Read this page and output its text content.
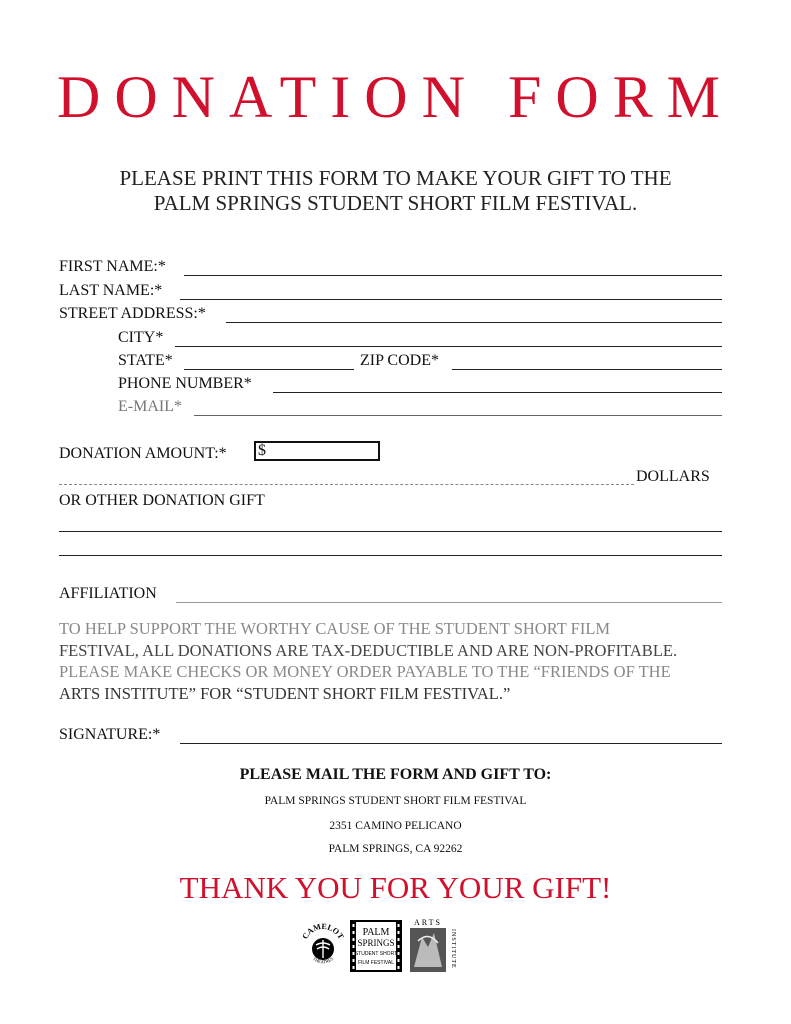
DONATION FORM
PLEASE PRINT THIS FORM TO MAKE YOUR GIFT TO THE
PALM SPRINGS STUDENT SHORT FILM FESTIVAL.
FIRST NAME:*
LAST NAME:*
STREET ADDRESS:*
CITY*
STATE*	ZIP CODE*
PHONE NUMBER*
E-MAIL*
DONATION AMOUNT:* $
DOLLARS
OR OTHER DONATION GIFT
AFFILIATION
TO HELP SUPPORT THE WORTHY CAUSE OF THE STUDENT SHORT FILM
FESTIVAL, ALL DONATIONS ARE TAX-DEDUCTIBLE AND ARE NON-PROFITABLE.
PLEASE MAKE CHECKS OR MONEY ORDER PAYABLE TO THE “FRIENDS OF THE
ARTS INSTITUTE” FOR “STUDENT SHORT FILM FESTIVAL.”
SIGNATURE:*
PLEASE MAIL THE FORM AND GIFT TO:
PALM SPRINGS STUDENT SHORT FILM FESTIVAL
2351 CAMINO PELICANO
PALM SPRINGS, CA 92262
THANK YOU FOR YOUR GIFT!
CAMELOT
THEATRES
PALM
SPRINGS
STUDENT SHORT
FILM FESTIVAL
ARTS
INSTITUTE
